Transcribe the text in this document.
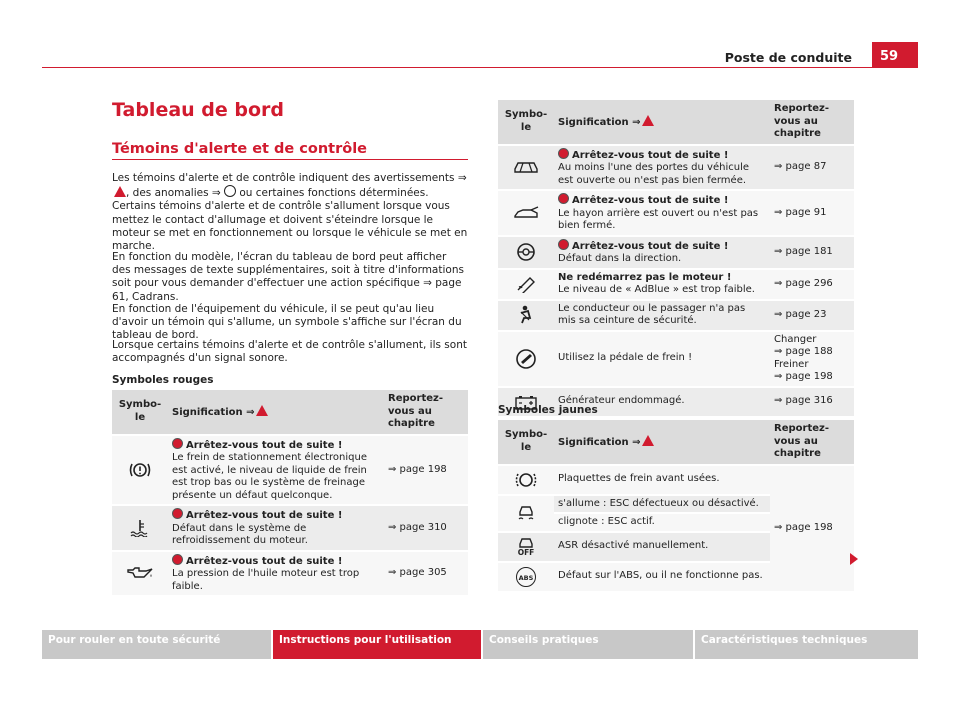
Poste de conduite	59
Tableau de bord
Témoins d'alerte et de contrôle

Les témoins d'alerte et de contrôle indiquent des avertissements ⇒ , des anomalies ⇒  ou certaines fonctions déterminées. Certains témoins d'alerte et de contrôle s'allument lorsque vous mettez le contact d'allumage et doivent s'éteindre lorsque le moteur se met en fonctionnement ou lorsque le véhicule se met en marche.

En fonction du modèle, l'écran du tableau de bord peut afficher des messages de texte supplémentaires, soit à titre d'informations soit pour vous demander d'effectuer une action spécifique ⇒ page 61, Cadrans.

En fonction de l'équipement du véhicule, il se peut qu'au lieu d'avoir un témoin qui s'allume, un symbole s'affiche sur l'écran du tableau de bord.

Lorsque certains témoins d'alerte et de contrôle s'allument, ils sont accompagnés d'un signal sonore.

Symboles rouges
Symbo-le	Signification ⇒	Reportez-vous au chapitre

	Arrêtez-vous tout de suite !
Le frein de stationnement électronique est activé, le niveau de liquide de frein est trop bas ou le système de freinage présente un défaut quelconque.	⇒ page 198

	Arrêtez-vous tout de suite !
Défaut dans le système de refroidissement du moteur.	⇒ page 310

	Arrêtez-vous tout de suite !
La pression de l'huile moteur est trop faible.	⇒ page 305
Symbo-le	Signification ⇒	Reportez-vous au chapitre

	Arrêtez-vous tout de suite !
Au moins l'une des portes du véhicule est ouverte ou n'est pas bien fermée.	⇒ page 87

	Arrêtez-vous tout de suite !
Le hayon arrière est ouvert ou n'est pas bien fermé.	⇒ page 91

	Arrêtez-vous tout de suite !
Défaut dans la direction.	⇒ page 181

	Ne redémarrez pas le moteur !
Le niveau de « AdBlue » est trop faible.	⇒ page 296

	Le conducteur ou le passager n'a pas mis sa ceinture de sécurité.	⇒ page 23

	Utilisez la pédale de frein !	Changer
⇒ page 188
Freiner
⇒ page 198

	Générateur endommagé.	⇒ page 316
Symboles jaunes
Symbo-le	Signification ⇒	Reportez-vous au chapitre

	Plaquettes de frein avant usées.	⇒ page 198

	s'allume : ESC défectueux ou désactivé.	
	clignote : ESC actif.	

OFF	ASR désactivé manuellement.	
ABS	Défaut sur l'ABS, ou il ne fonctionne pas.	
Pour rouler en toute sécurité	Instructions pour l'utilisation	Conseils pratiques	Caractéristiques techniques
